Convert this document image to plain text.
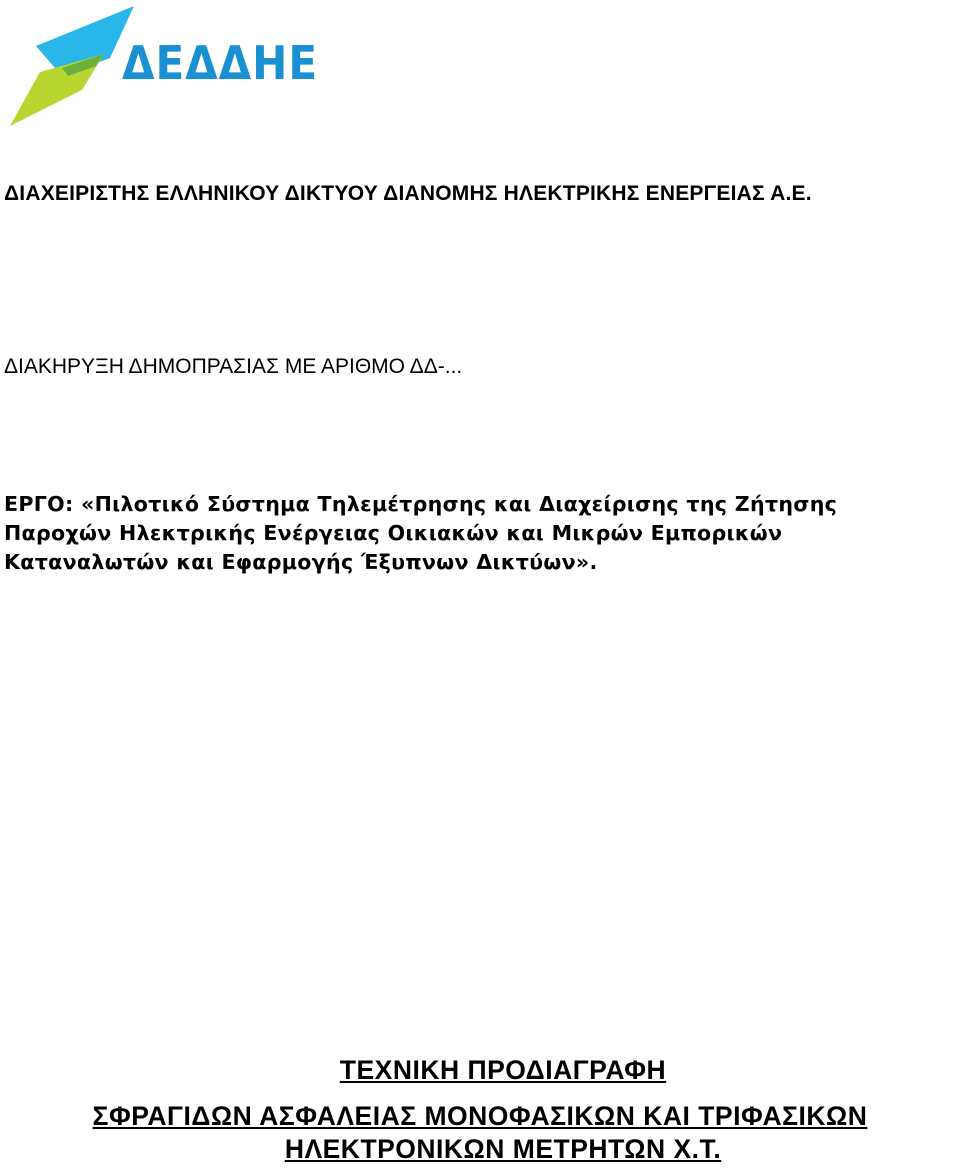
ΔΕΔΔΗΕ
ΔΙΑΧΕΙΡΙΣΤΗΣ ΕΛΛΗΝΙΚΟΥ ΔΙΚΤΥΟΥ ΔΙΑΝΟΜΗΣ ΗΛΕΚΤΡΙΚΗΣ ΕΝΕΡΓΕΙΑΣ Α.Ε.
ΔΙΑΚΗΡΥΞΗ ΔΗΜΟΠΡΑΣΙΑΣ ΜΕ ΑΡΙΘΜΟ ΔΔ-...
ΕΡΓΟ: «Πιλοτικό Σύστημα Τηλεμέτρησης και Διαχείρισης της Ζήτησης
Παροχών Ηλεκτρικής Ενέργειας Οικιακών και Μικρών Εμπορικών
Καταναλωτών και Εφαρμογής Έξυπνων Δικτύων».
ΤΕΧΝΙΚΗ ΠΡΟΔΙΑΓΡΑΦΗ
ΣΦΡΑΓΙΔΩΝ ΑΣΦΑΛΕΙΑΣ ΜΟΝΟΦΑΣΙΚΩΝ ΚΑΙ ΤΡΙΦΑΣΙΚΩΝ
ΗΛΕΚΤΡΟΝΙΚΩΝ ΜΕΤΡΗΤΩΝ Χ.Τ.
